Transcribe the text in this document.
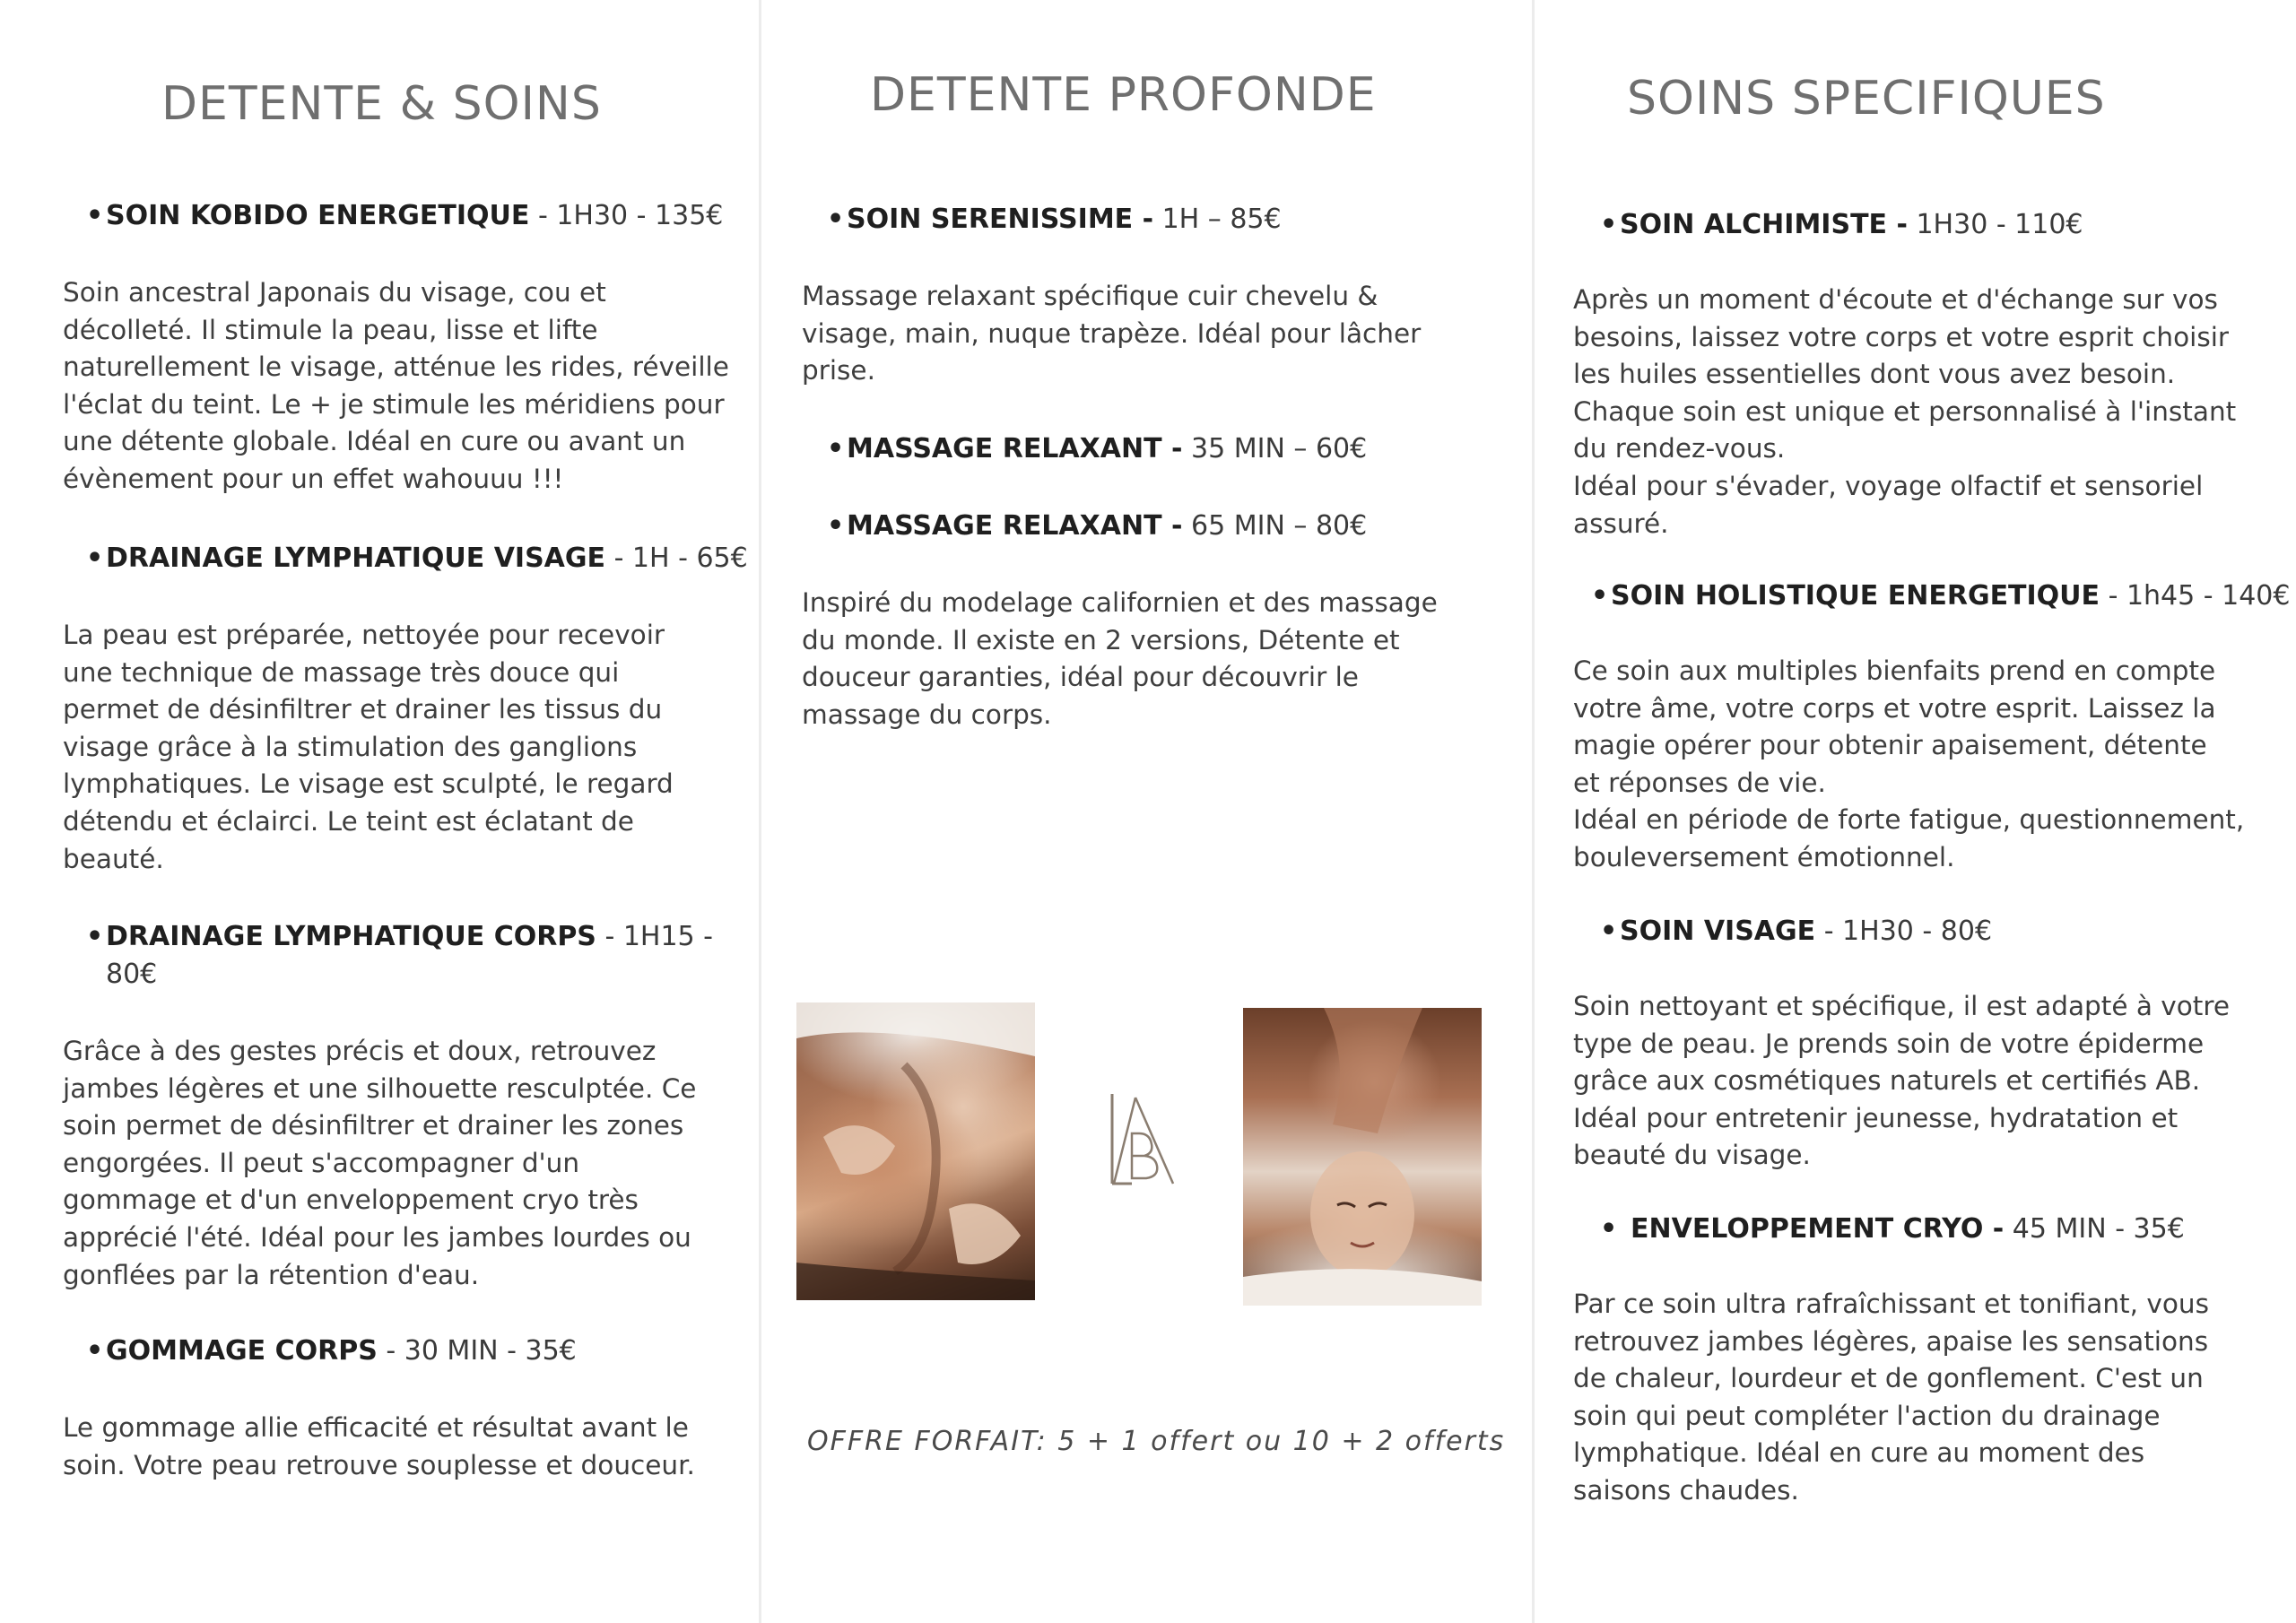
DETENTE & SOINS
•SOIN KOBIDO ENERGETIQUE - 1H30 - 135€

Soin ancestral Japonais du visage, cou et
décolleté. Il stimule la peau, lisse et lifte
naturellement le visage, atténue les rides, réveille
l'éclat du teint. Le + je stimule les méridiens pour
une détente globale. Idéal en cure ou avant un
évènement pour un effet wahouuu !!!

•DRAINAGE LYMPHATIQUE VISAGE - 1H - 65€

La peau est préparée, nettoyée pour recevoir
une technique de massage très douce qui
permet de désinfiltrer et drainer les tissus du
visage grâce à la stimulation des ganglions
lymphatiques. Le visage est sculpté, le regard
détendu et éclairci. Le teint est éclatant de
beauté.

•DRAINAGE LYMPHATIQUE CORPS - 1H15 -
80€

Grâce à des gestes précis et doux, retrouvez
jambes légères et une silhouette resculptée. Ce
soin permet de désinfiltrer et drainer les zones
engorgées. Il peut s'accompagner d'un
gommage et d'un enveloppement cryo très
apprécié l'été. Idéal pour les jambes lourdes ou
gonflées par la rétention d'eau.

•GOMMAGE CORPS - 30 MIN - 35€

Le gommage allie efficacité et résultat avant le
soin. Votre peau retrouve souplesse et douceur.

DETENTE PROFONDE
•SOIN SERENISSIME - 1H – 85€

Massage relaxant spécifique cuir chevelu &
visage, main, nuque trapèze. Idéal pour lâcher
prise.

•MASSAGE RELAXANT - 35 MIN – 60€
•MASSAGE RELAXANT - 65 MIN – 80€

Inspiré du modelage californien et des massage
du monde. Il existe en 2 versions, Détente et
douceur garanties, idéal pour découvrir le
massage du corps.

OFFRE FORFAIT: 5 + 1 offert ou 10 + 2 offerts

SOINS SPECIFIQUES
•SOIN ALCHIMISTE - 1H30 - 110€

Après un moment d'écoute et d'échange sur vos
besoins, laissez votre corps et votre esprit choisir
les huiles essentielles dont vous avez besoin.
Chaque soin est unique et personnalisé à l'instant
du rendez-vous.
Idéal pour s'évader, voyage olfactif et sensoriel
assuré.

•SOIN HOLISTIQUE ENERGETIQUE - 1h45 - 140€

Ce soin aux multiples bienfaits prend en compte
votre âme, votre corps et votre esprit. Laissez la
magie opérer pour obtenir apaisement, détente
et réponses de vie.
Idéal en période de forte fatigue, questionnement,
bouleversement émotionnel.

•SOIN VISAGE - 1H30 - 80€

Soin nettoyant et spécifique, il est adapté à votre
type de peau. Je prends soin de votre épiderme
grâce aux cosmétiques naturels et certifiés AB.
Idéal pour entretenir jeunesse, hydratation et
beauté du visage.

• ENVELOPPEMENT CRYO - 45 MIN - 35€

Par ce soin ultra rafraîchissant et tonifiant, vous
retrouvez jambes légères, apaise les sensations
de chaleur, lourdeur et de gonflement. C'est un
soin qui peut compléter l'action du drainage
lymphatique. Idéal en cure au moment des
saisons chaudes.
